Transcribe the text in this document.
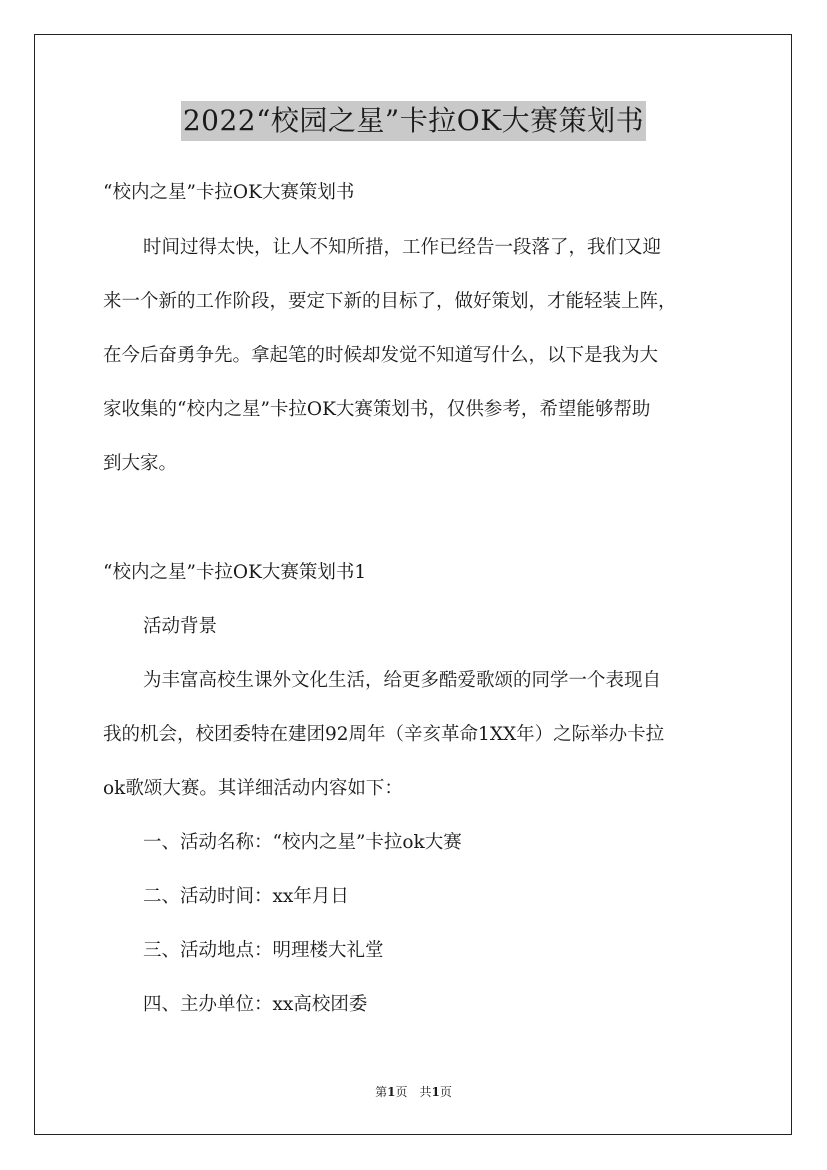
2022“校园之星”卡拉OK大赛策划书
“校内之星”卡拉OK大赛策划书
时间过得太快，让人不知所措，工作已经告一段落了，我们又迎
来一个新的工作阶段，要定下新的目标了，做好策划，才能轻装上阵，
在今后奋勇争先。拿起笔的时候却发觉不知道写什么，以下是我为大
家收集的“校内之星”卡拉OK大赛策划书，仅供参考，希望能够帮助
到大家。
“校内之星”卡拉OK大赛策划书1
活动背景
为丰富高校生课外文化生活，给更多酷爱歌颂的同学一个表现自
我的机会，校团委特在建团92周年（辛亥革命1XX年）之际举办卡拉
ok歌颂大赛。其详细活动内容如下：
一、活动名称：“校内之星”卡拉ok大赛
二、活动时间：xx年月日
三、活动地点：明理楼大礼堂
四、主办单位：xx高校团委
第1页　共1页
